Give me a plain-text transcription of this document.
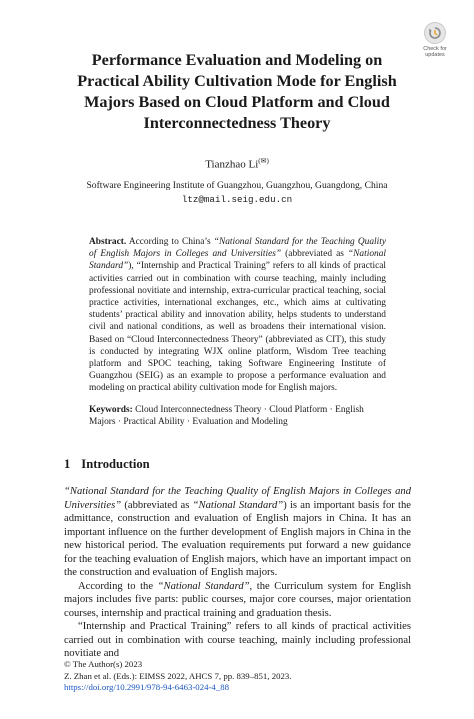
Check for
updates
Performance Evaluation and Modeling on Practical Ability Cultivation Mode for English Majors Based on Cloud Platform and Cloud Interconnectedness Theory
Tianzhao Li(✉)
Software Engineering Institute of Guangzhou, Guangzhou, Guangdong, China
ltz@mail.seig.edu.cn
Abstract. According to China’s “National Standard for the Teaching Quality of English Majors in Colleges and Universities” (abbreviated as “National Standard”), “Internship and Practical Training” refers to all kinds of practical activities carried out in combination with course teaching, mainly including professional novitiate and internship, extra-curricular practical teaching, social practice activities, international exchanges, etc., which aims at cultivating students’ practical ability and innovation ability, helps students to understand civil and national conditions, as well as broadens their international vision. Based on “Cloud Interconnectedness Theory” (abbreviated as CIT), this study is conducted by integrating WJX online platform, Wisdom Tree teaching platform and SPOC teaching, taking Software Engineering Institute of Guangzhou (SEIG) as an example to propose a performance evaluation and modeling on practical ability cultivation mode for English majors.
Keywords: Cloud Interconnectedness Theory · Cloud Platform · English Majors · Practical Ability · Evaluation and Modeling
1 Introduction

“National Standard for the Teaching Quality of English Majors in Colleges and Universities” (abbreviated as “National Standard”) is an important basis for the admittance, construction and evaluation of English majors in China. It has an important influence on the further development of English majors in China in the new historical period. The evaluation requirements put forward a new guidance for the teaching evaluation of English majors, which have an important impact on the construction and evaluation of English majors.

According to the “National Standard”, the Curriculum system for English majors includes five parts: public courses, major core courses, major orientation courses, internship and practical training and graduation thesis.

“Internship and Practical Training” refers to all kinds of practical activities carried out in combination with course teaching, mainly including professional novitiate and

© The Author(s) 2023
Z. Zhan et al. (Eds.): EIMSS 2022, AHCS 7, pp. 839–851, 2023.
https://doi.org/10.2991/978-94-6463-024-4_88
